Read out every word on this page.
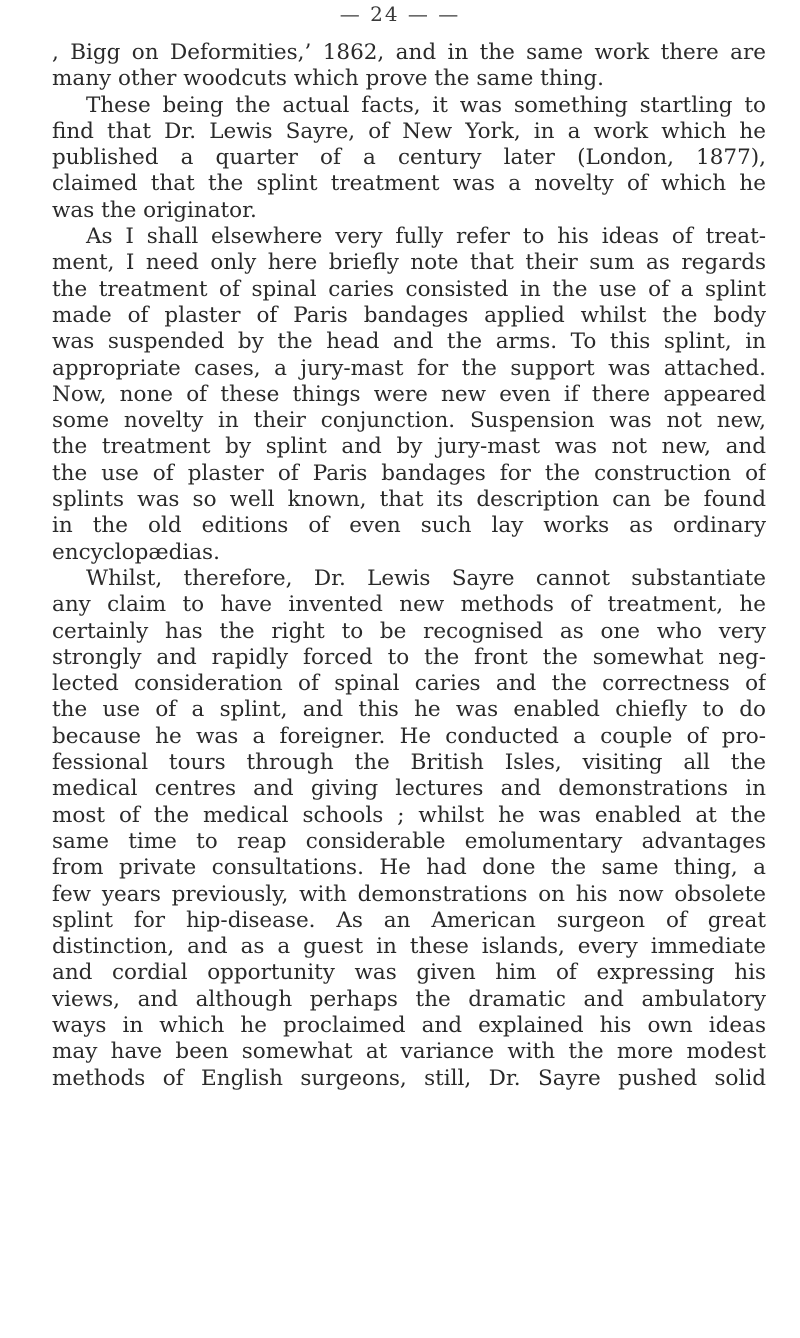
— 24 — —
, Bigg on Deformities,’ 1862, and in the same work there are
many other woodcuts which prove the same thing.
These being the actual facts, it was something startling to
find that Dr. Lewis Sayre, of New York, in a work which he
published a quarter of a century later (London, 1877),
claimed that the splint treatment was a novelty of which he
was the originator.
As I shall elsewhere very fully refer to his ideas of treat-
ment, I need only here briefly note that their sum as regards
the treatment of spinal caries consisted in the use of a splint
made of plaster of Paris bandages applied whilst the body
was suspended by the head and the arms. To this splint, in
appropriate cases, a jury-mast for the support was attached.
Now, none of these things were new even if there appeared
some novelty in their conjunction. Suspension was not new,
the treatment by splint and by jury-mast was not new, and
the use of plaster of Paris bandages for the construction of
splints was so well known, that its description can be found
in the old editions of even such lay works as ordinary
encyclopædias.
Whilst, therefore, Dr. Lewis Sayre cannot substantiate
any claim to have invented new methods of treatment, he
certainly has the right to be recognised as one who very
strongly and rapidly forced to the front the somewhat neg-
lected consideration of spinal caries and the correctness of
the use of a splint, and this he was enabled chiefly to do
because he was a foreigner. He conducted a couple of pro-
fessional tours through the British Isles, visiting all the
medical centres and giving lectures and demonstrations in
most of the medical schools ; whilst he was enabled at the
same time to reap considerable emolumentary advantages
from private consultations. He had done the same thing, a
few years previously, with demonstrations on his now obsolete
splint for hip-disease. As an American surgeon of great
distinction, and as a guest in these islands, every immediate
and cordial opportunity was given him of expressing his
views, and although perhaps the dramatic and ambulatory
ways in which he proclaimed and explained his own ideas
may have been somewhat at variance with the more modest
methods of English surgeons, still, Dr. Sayre pushed solid
